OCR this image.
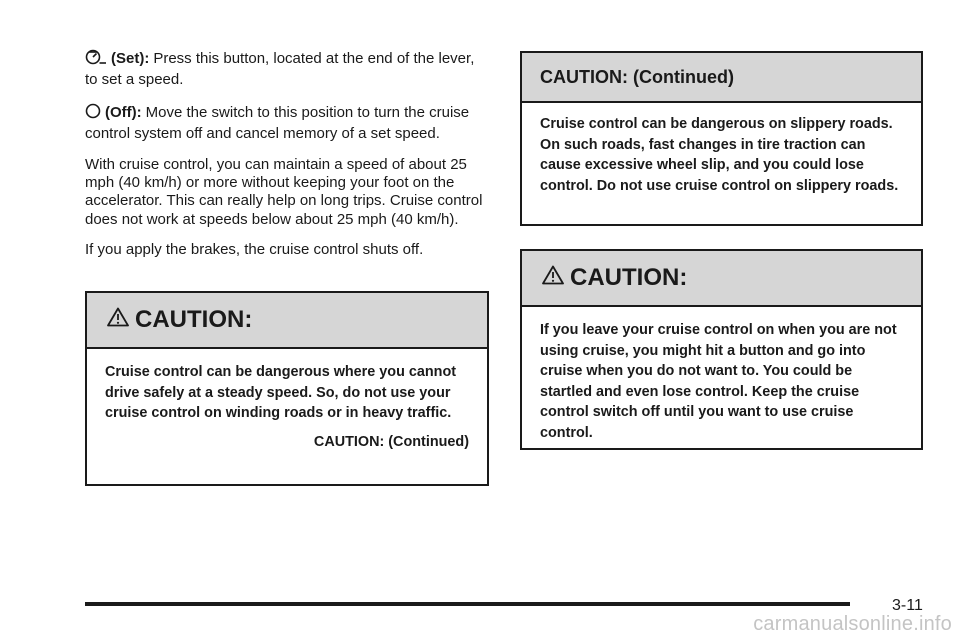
(Set): Press this button, located at the end of the lever, to set a speed.

(Off): Move the switch to this position to turn the cruise control system off and cancel memory of a set speed.

With cruise control, you can maintain a speed of about 25 mph (40 km/h) or more without keeping your foot on the accelerator. This can really help on long trips. Cruise control does not work at speeds below about 25 mph (40 km/h).

If you apply the brakes, the cruise control shuts off.

CAUTION:
Cruise control can be dangerous where you cannot drive safely at a steady speed. So, do not use your cruise control on winding roads or in heavy traffic.
CAUTION: (Continued)
CAUTION: (Continued)
Cruise control can be dangerous on slippery roads. On such roads, fast changes in tire traction can cause excessive wheel slip, and you could lose control. Do not use cruise control on slippery roads.
CAUTION:
If you leave your cruise control on when you are not using cruise, you might hit a button and go into cruise when you do not want to. You could be startled and even lose control. Keep the cruise control switch off until you want to use cruise control.
3-11
carmanualsonline.info
